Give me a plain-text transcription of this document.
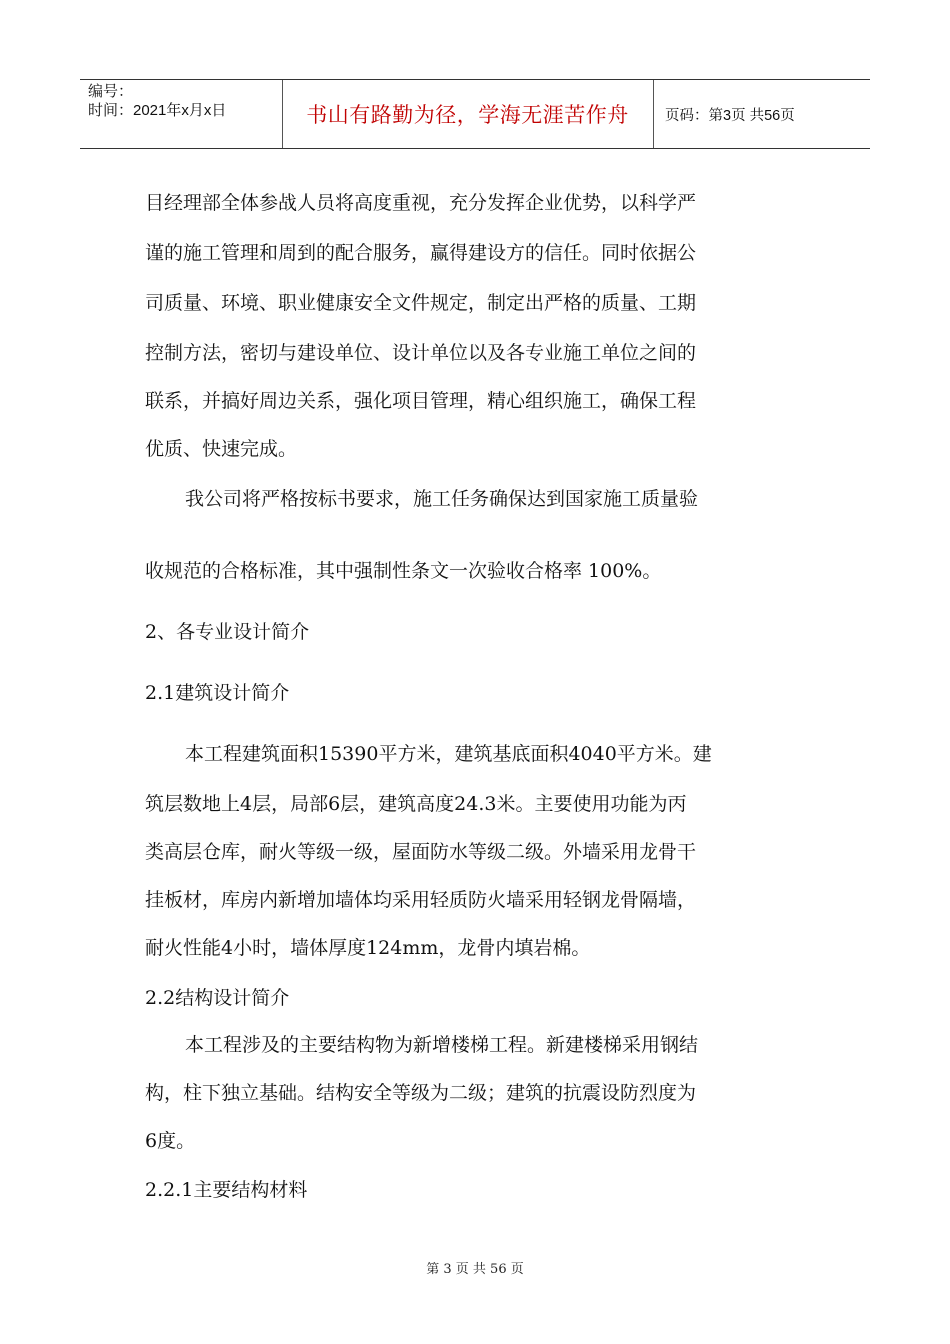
编号：
时间：2021年x月x日	书山有路勤为径，学海无涯苦作舟	页码：第3页 共56页
目经理部全体参战人员将高度重视，充分发挥企业优势，以科学严
谨的施工管理和周到的配合服务，赢得建设方的信任。同时依据公
司质量、环境、职业健康安全文件规定，制定出严格的质量、工期
控制方法，密切与建设单位、设计单位以及各专业施工单位之间的
联系，并搞好周边关系，强化项目管理，精心组织施工，确保工程
优质、快速完成。
我公司将严格按标书要求，施工任务确保达到国家施工质量验
收规范的合格标准，其中强制性条文一次验收合格率 100%。
2、各专业设计简介
2.1建筑设计简介
本工程建筑面积15390平方米，建筑基底面积4040平方米。建
筑层数地上4层，局部6层，建筑高度24.3米。主要使用功能为丙
类高层仓库，耐火等级一级，屋面防水等级二级。外墙采用龙骨干
挂板材，库房内新增加墙体均采用轻质防火墙采用轻钢龙骨隔墙，
耐火性能4小时，墙体厚度124mm，龙骨内填岩棉。
2.2结构设计简介
本工程涉及的主要结构物为新增楼梯工程。新建楼梯采用钢结
构，柱下独立基础。结构安全等级为二级；建筑的抗震设防烈度为
6度。
2.2.1主要结构材料
第 3 页 共 56 页
